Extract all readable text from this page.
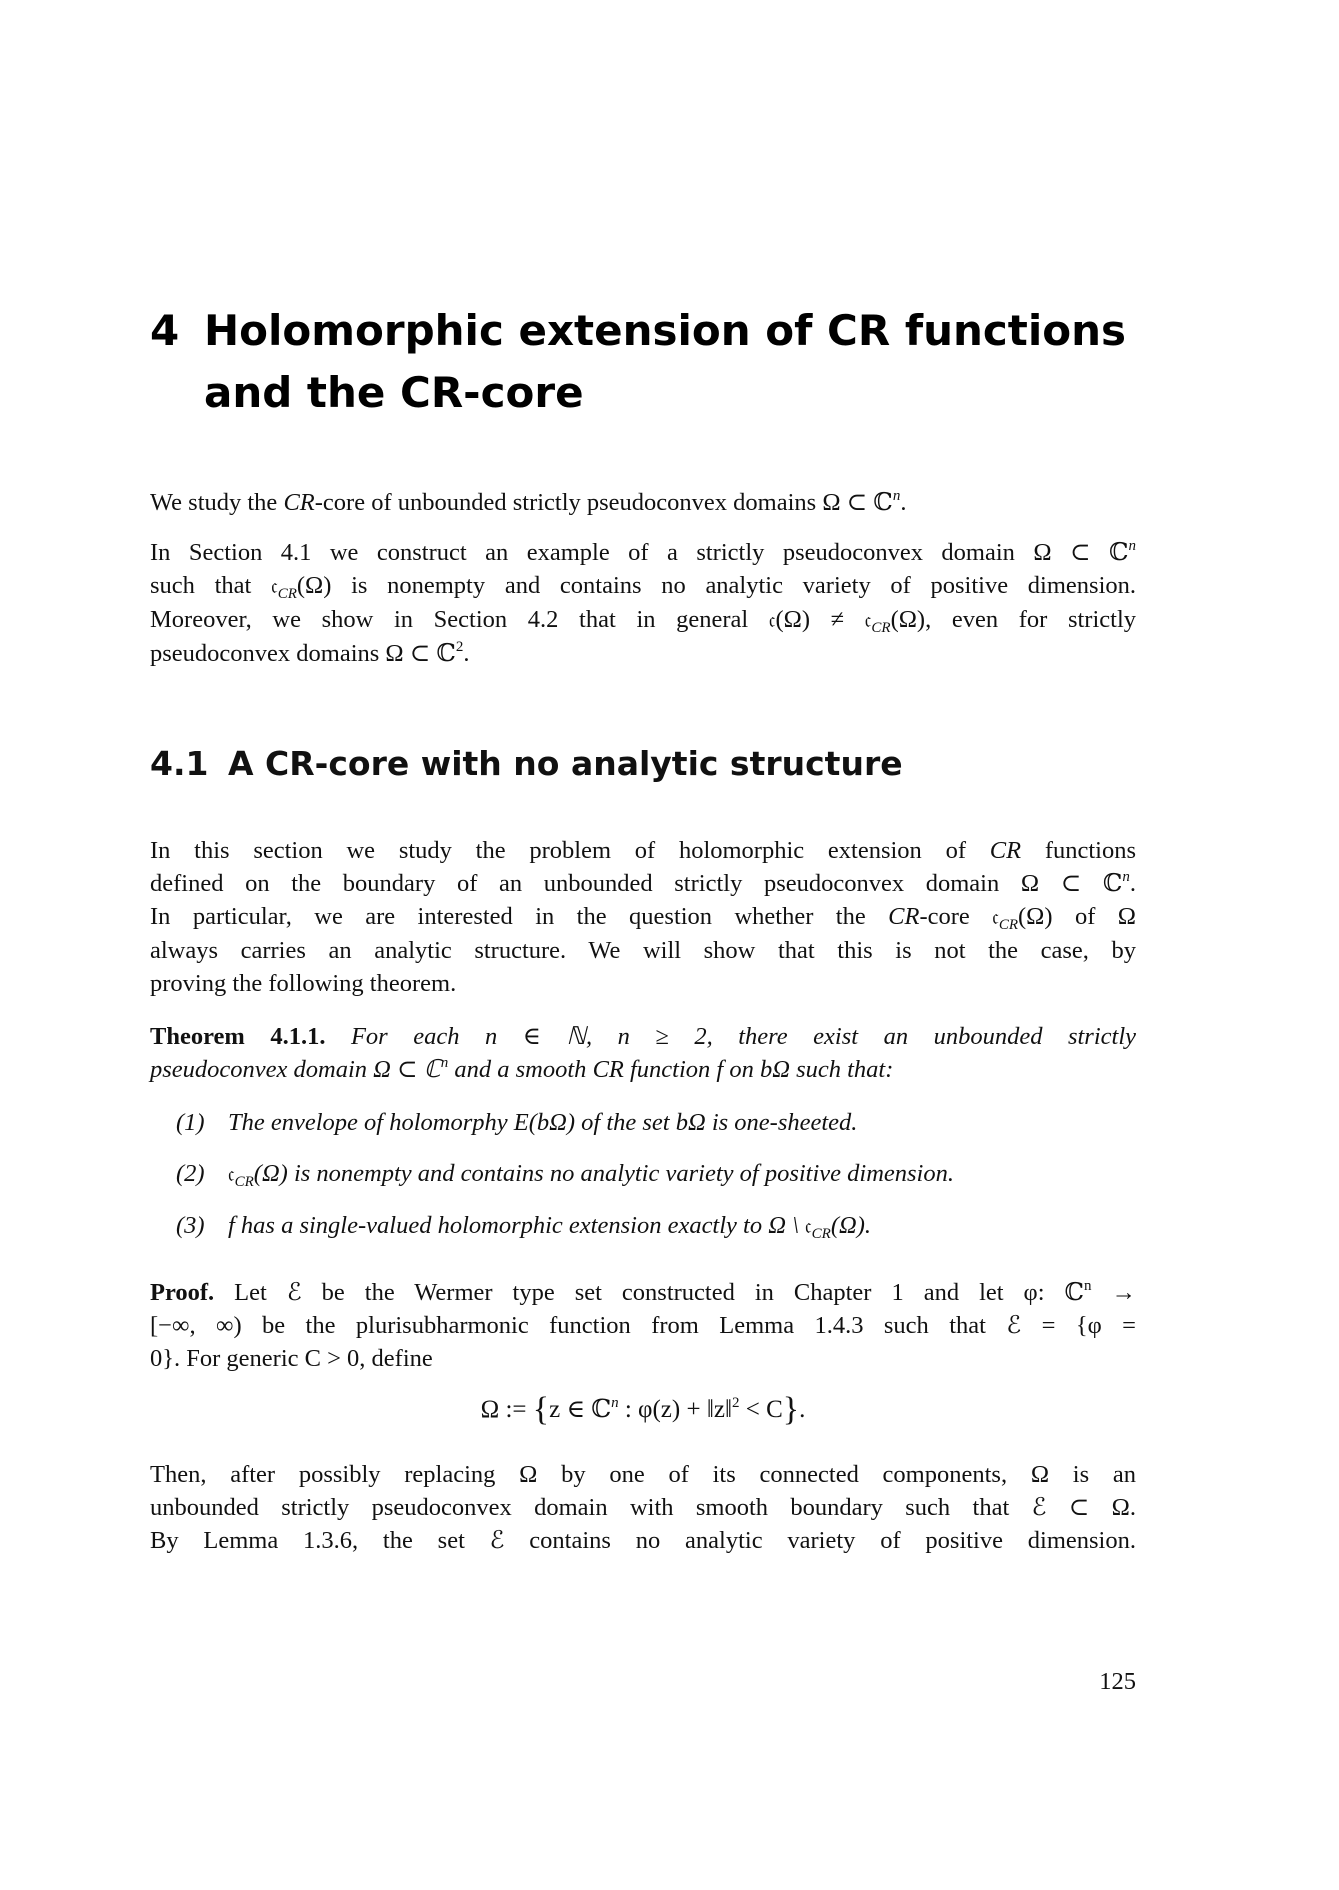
4 Holomorphic extension of CR functions
and the CR-core
We study the CR-core of unbounded strictly pseudoconvex domains Ω ⊂ ℂ$^n$.
In Section 4.1 we construct an example of a strictly pseudoconvex domain Ω ⊂ ℂ$^n$
such that 𝔠$_{CR}$(Ω) is nonempty and contains no analytic variety of positive dimension.
Moreover, we show in Section 4.2 that in general 𝔠(Ω) ≠ 𝔠$_{CR}$(Ω), even for strictly
pseudoconvex domains Ω ⊂ ℂ$^2$.
4.1 A CR-core with no analytic structure
In this section we study the problem of holomorphic extension of CR functions
defined on the boundary of an unbounded strictly pseudoconvex domain Ω ⊂ ℂ$^n$.
In particular, we are interested in the question whether the CR-core 𝔠$_{CR}$(Ω) of Ω
always carries an analytic structure. We will show that this is not the case, by
proving the following theorem.
Theorem 4.1.1. For each n ∈ ℕ, n ≥ 2, there exist an unbounded strictly
pseudoconvex domain Ω ⊂ ℂ$^n$ and a smooth CR function f on bΩ such that:
(1) The envelope of holomorphy E(bΩ) of the set bΩ is one-sheeted.
(2) 𝔠$_{CR}$(Ω) is nonempty and contains no analytic variety of positive dimension.
(3) f has a single-valued holomorphic extension exactly to Ω \ 𝔠$_{CR}$(Ω).
Proof. Let ℰ be the Wermer type set constructed in Chapter 1 and let φ: ℂ$^n$ →
[−∞, ∞) be the plurisubharmonic function from Lemma 1.4.3 such that ℰ = {φ =
0}. For generic C > 0, define
Ω := {z ∈ ℂ$^n$ : φ(z) + ‖z‖$^2$ < C}.
Then, after possibly replacing Ω by one of its connected components, Ω is an
unbounded strictly pseudoconvex domain with smooth boundary such that ℰ ⊂ Ω.
By Lemma 1.3.6, the set ℰ contains no analytic variety of positive dimension.
125
